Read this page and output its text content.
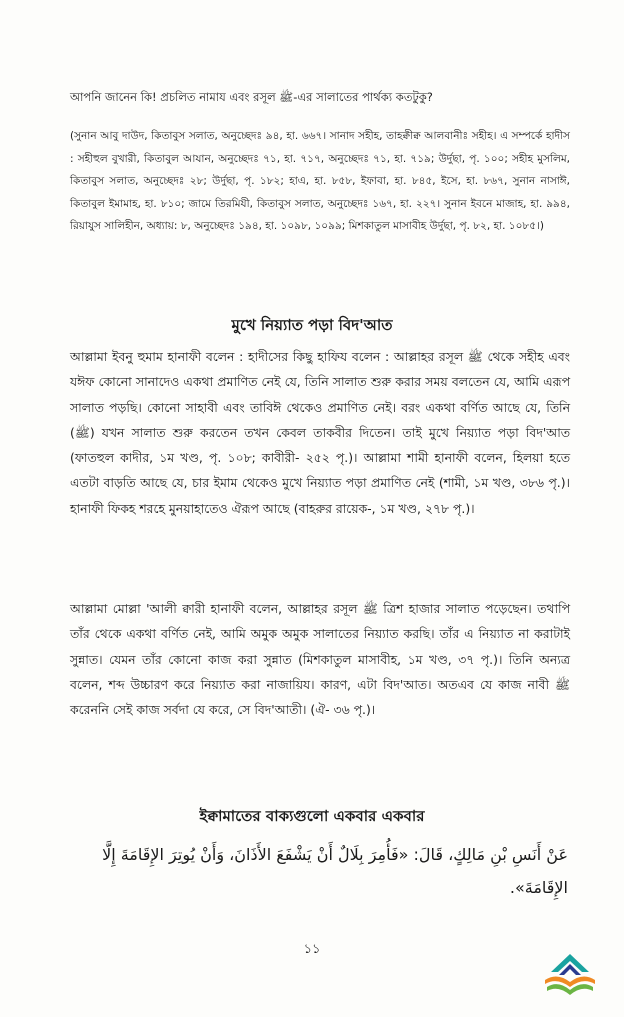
আপনি জানেন কি! প্রচলিত নামায এবং রসূল ﷺ-এর সালাতের পার্থক্য কতটুকু?

(সুনান আবু দাউদ, কিতাবুস সলাত, অনুচ্ছেদঃ ৯৪, হা. ৬৬৭। সানাদ সহীহ, তাহক্বীক্ব আলবানীঃ সহীহ। এ সম্পর্কে হাদীস : সহীহুল বুখারী, কিতাবুল আযান, অনুচ্ছেদঃ ৭১, হা. ৭১৭, অনুচ্ছেদঃ ৭১, হা. ৭১৯; উর্দুছা, পৃ. ১০০; সহীহ মুসলিম, কিতাবুস সলাত, অনুচ্ছেদঃ ২৮; উর্দুছা, পৃ. ১৮২; হাএ, হা. ৮৫৮, ইফাবা, হা. ৮৪৫, ইসে, হা. ৮৬৭, সুনান নাসাঈ, কিতাবুল ইমামাহ, হা. ৮১০; জামে তিরমিযী, কিতাবুস সলাত, অনুচ্ছেদঃ ১৬৭, হা. ২২৭। সুনান ইবনে মাজাহ, হা. ৯৯৪, রিয়াযুস সালিহীন, অধ্যায়: ৮, অনুচ্ছেদঃ ১৯৪, হা. ১০৯৮, ১০৯৯; মিশকাতুল মাসাবীহ উর্দুছা, পৃ. ৮২, হা. ১০৮৫।)

মুখে নিয়্যাত পড়া বিদ'আত

আল্লামা ইবনু হুমাম হানাফী বলেন : হাদীসের কিছু হাফিয বলেন : আল্লাহর রসূল ﷺ থেকে সহীহ এবং যঈফ কোনো সানাদেও একথা প্রমাণিত নেই যে, তিনি সালাত শুরু করার সময় বলতেন যে, আমি এরূপ সালাত পড়ছি। কোনো সাহাবী এবং তাবিঈ থেকেও প্রমাণিত নেই। বরং একথা বর্ণিত আছে যে, তিনি (ﷺ) যখন সালাত শুরু করতেন তখন কেবল তাকবীর দিতেন। তাই মুখে নিয়্যাত পড়া বিদ'আত (ফাতহুল কাদীর, ১ম খণ্ড, পৃ. ১০৮; কাবীরী- ২৫২ পৃ.)। আল্লামা শামী হানাফী বলেন, হিলয়া হতে এতটা বাড়তি আছে যে, চার ইমাম থেকেও মুখে নিয়্যাত পড়া প্রমাণিত নেই (শামী, ১ম খণ্ড, ৩৮৬ পৃ.)। হানাফী ফিকহ শরহে মুনয়াহাতেও ঐরূপ আছে (বাহরুর রায়েক-, ১ম খণ্ড, ২৭৮ পৃ.)।

আল্লামা মোল্লা 'আলী ক্বারী হানাফী বলেন, আল্লাহর রসূল ﷺ ত্রিশ হাজার সালাত পড়েছেন। তথাপি তাঁর থেকে একথা বর্ণিত নেই, আমি অমুক অমুক সালাতের নিয়্যাত করছি। তাঁর এ নিয়্যাত না করাটাই সুন্নাত। যেমন তাঁর কোনো কাজ করা সুন্নাত (মিশকাতুল মাসাবীহ, ১ম খণ্ড, ৩৭ পৃ.)। তিনি অন্যত্র বলেন, শব্দ উচ্চারণ করে নিয়্যাত করা নাজায়িয। কারণ, এটা বিদ'আত। অতএব যে কাজ নাবী ﷺ করেননি সেই কাজ সর্বদা যে করে, সে বিদ'আতী। (ঐ- ৩৬ পৃ.)।

ইক্বামাতের বাক্যগুলো একবার একবার

عَنْ أَنَسِ بْنِ مَالِكٍ، قَالَ: «فَأُمِرَ بِلَالٌ أَنْ يَشْفَعَ الأَذَانَ، وَأَنْ يُوتِرَ الإِقَامَةَ إِلَّا الإِقَامَةَ».

১১
